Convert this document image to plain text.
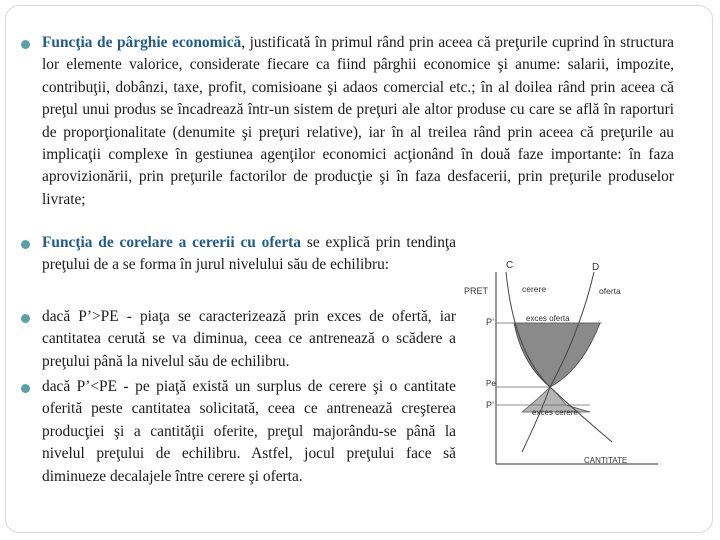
Funcţia de pârghie economică, justificată în primul rând prin aceea că preţurile cuprind în structura lor elemente valorice, considerate fiecare ca fiind pârghii economice şi anume: salarii, impozite, contribuţii, dobânzi, taxe, profit, comisioane şi adaos comercial etc.; în al doilea rând prin aceea că preţul unui produs se încadrează într-un sistem de preţuri ale altor produse cu care se află în raporturi de proporţionalitate (denumite şi preţuri relative), iar în al treilea rând prin aceea că preţurile au implicaţii complexe în gestiunea agenţilor economici acţionând în două faze importante: în faza aprovizionării, prin preţurile factorilor de producţie şi în faza desfacerii, prin preţurile produselor livrate;

Funcţia de corelare a cererii cu oferta se explică prin tendinţa preţului de a se forma în jurul nivelului său de echilibru:

dacă P’>PE - piaţa se caracterizează prin exces de ofertă, iar cantitatea cerută se va diminua, ceea ce antrenează o scădere a preţului până la nivelul său de echilibru.

dacă P’<PE - pe piaţă există un surplus de cerere şi o cantitate oferită peste cantitatea solicitată, ceea ce antrenează creşterea producţiei şi a cantităţii oferite, preţul majorându-se până la nivelul preţului de echilibru. Astfel, jocul preţului face să diminueze decalajele între cerere şi oferta.

PRET
CANTITATE
C	D
cerere	oferta
exces oferta
exces cerere
P’
Pe
P’
